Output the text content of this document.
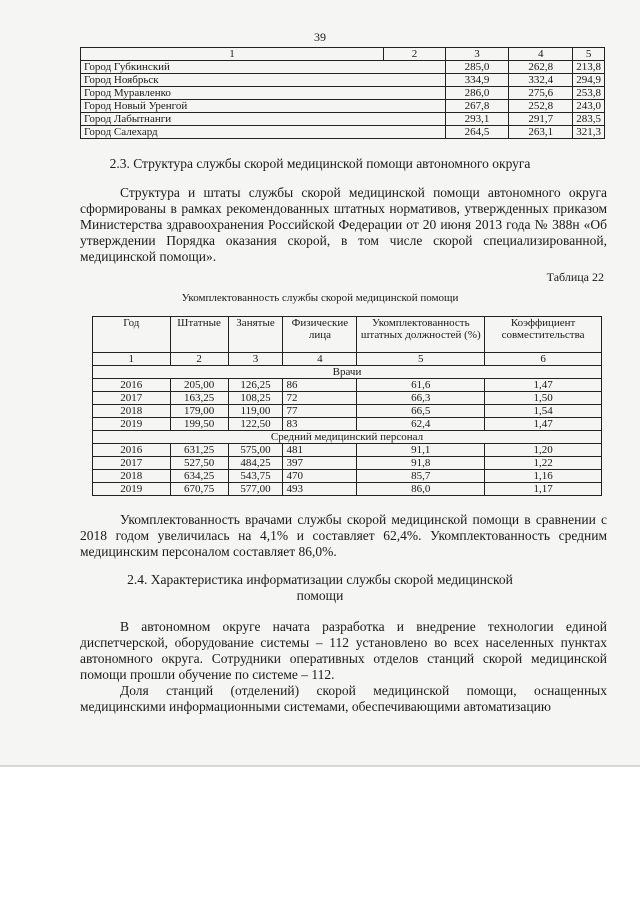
39
1	2	3	4	5
Город Губкинский		285,0	262,8	213,8
Город Ноябрьск		334,9	332,4	294,9
Город Муравленко		286,0	275,6	253,8
Город Новый Уренгой		267,8	252,8	243,0
Город Лабытнанги		293,1	291,7	283,5
Город Салехард		264,5	263,1	321,3
2.3. Структура службы скорой медицинской помощи автономного округа

Структура и штаты службы скорой медицинской помощи автономного округа сформированы в рамках рекомендованных штатных нормативов, утвержденных приказом Министерства здравоохранения Российской Федерации от 20 июня 2013 года № 388н «Об утверждении Порядка оказания скорой, в том числе скорой специализированной, медицинской помощи».

Таблица 22
Укомплектованность службы скорой медицинской помощи
Год	Штатные	Занятые	Физические лица	Укомплектованность штатных должностей (%)	Коэффициент совместительства
1	2	3	4	5	6
Врачи					
2016	205,00	126,25	86	61,6	1,47
2017	163,25	108,25	72	66,3	1,50
2018	179,00	119,00	77	66,5	1,54
2019	199,50	122,50	83	62,4	1,47
Средний медицинский персонал					
2016	631,25	575,00	481	91,1	1,20
2017	527,50	484,25	397	91,8	1,22
2018	634,25	543,75	470	85,7	1,16
2019	670,75	577,00	493	86,0	1,17

Укомплектованность врачами службы скорой медицинской помощи в сравнении с 2018 годом увеличилась на 4,1% и составляет 62,4%. Укомплектованность средним медицинским персоналом составляет 86,0%.

2.4. Характеристика информатизации службы скорой медицинской
помощи

В автономном округе начата разработка и внедрение технологии единой диспетчерской, оборудование системы – 112 установлено во всех населенных пунктах автономного округа. Сотрудники оперативных отделов станций скорой медицинской помощи прошли обучение по системе – 112.

Доля станций (отделений) скорой медицинской помощи, оснащенных медицинскими информационными системами, обеспечивающими автоматизацию
